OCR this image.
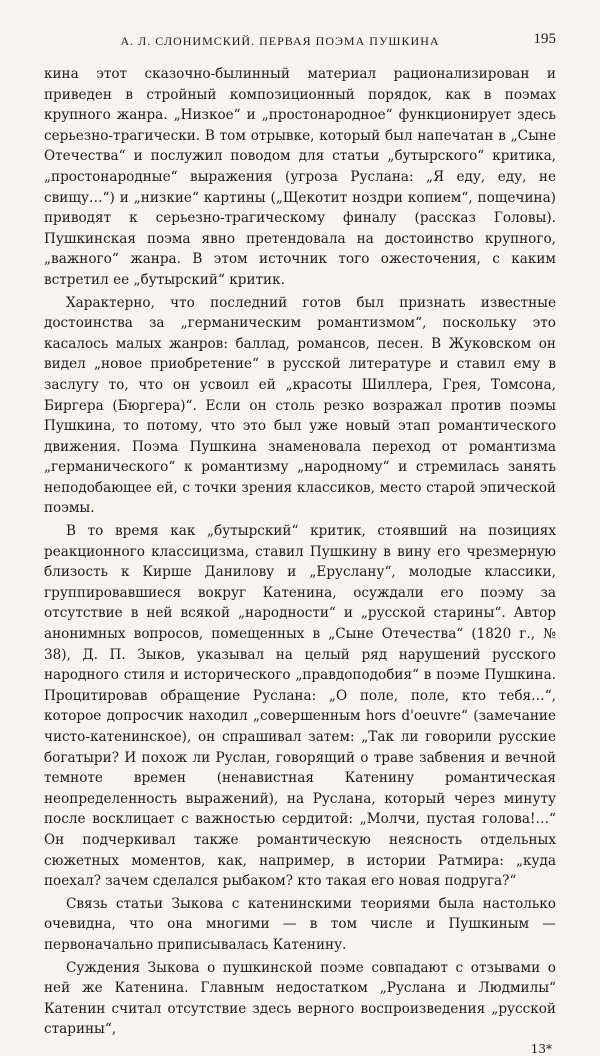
А. Л. СЛОНИМСКИЙ. ПЕРВАЯ ПОЭМА ПУШКИНА	195

кина этот сказочно-былинный материал рационализирован и приведен в стройный композиционный порядок, как в поэмах крупного жанра. „Низкое“ и „простонародное“ функционирует здесь серьезно-трагически. В том отрывке, который был напечатан в „Сыне Отечества“ и послужил поводом для статьи „бутырского“ критика, „простонародные“ выражения (угроза Руслана: „Я еду, еду, не свищу…“) и „низкие“ картины („Щекотит ноздри копием“, пощечина) приводят к серьезно-трагическому финалу (рассказ Головы). Пушкинская поэма явно претендовала на достоинство крупного, „важного“ жанра. В этом источник того ожесточения, с каким встретил ее „бутырский“ критик.

Характерно, что последний готов был признать известные достоинства за „германическим романтизмом“, поскольку это касалось малых жанров: баллад, романсов, песен. В Жуковском он видел „новое приобретение“ в русской литературе и ставил ему в заслугу то, что он усвоил ей „красоты Шиллера, Грея, Томсона, Биргера (Бюргера)“. Если он столь резко возражал против поэмы Пушкина, то потому, что это был уже новый этап романтического движения. Поэма Пушкина знаменовала переход от романтизма „германического“ к романтизму „народному“ и стремилась занять неподобающее ей, с точки зрения классиков, место старой эпической поэмы.

В то время как „бутырский“ критик, стоявший на позициях реакционного классицизма, ставил Пушкину в вину его чрезмерную близость к Кирше Данилову и „Еруслану“, молодые классики, группировавшиеся вокруг Катенина, осуждали его поэму за отсутствие в ней всякой „народности“ и „русской старины“. Автор анонимных вопросов, помещенных в „Сыне Отечества“ (1820 г., № 38), Д. П. Зыков, указывал на целый ряд нарушений русского народного стиля и исторического „правдоподобия“ в поэме Пушкина. Процитировав обращение Руслана: „О поле, поле, кто тебя…“, которое допросчик находил „совершенным hors d'oeuvre“ (замечание чисто-катенинское), он спрашивал затем: „Так ли говорили русские богатыри? И похож ли Руслан, говорящий о траве забвения и вечной темноте времен (ненавистная Катенину романтическая неопределенность выражений), на Руслана, который через минуту после восклицает с важностью сердитой: „Молчи, пустая голова!…“ Он подчеркивал также романтическую неясность отдельных сюжетных моментов, как, например, в истории Ратмира: „куда поехал? зачем сделался рыбаком? кто такая его новая подруга?“

Связь статьи Зыкова с катенинскими теориями была настолько очевидна, что она многими — в том числе и Пушкиным — первоначально приписывалась Катенину.

Суждения Зыкова о пушкинской поэме совпадают с отзывами о ней же Катенина. Главным недостатком „Руслана и Людмилы“ Катенин считал отсутствие здесь верного воспроизведения „русской старины“,

13*
